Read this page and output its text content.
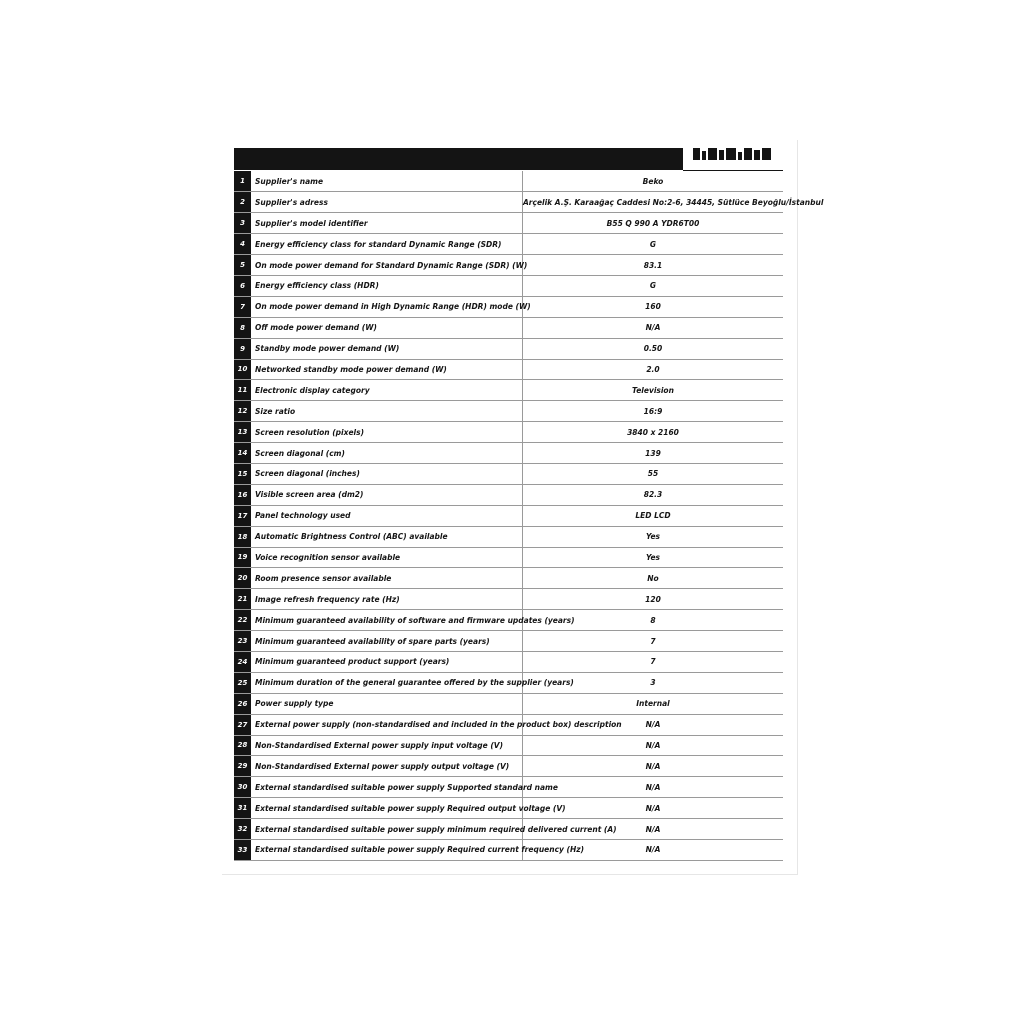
1	Supplier's name	Beko
2	Supplier's adress	Arçelik A.Ş. Karaağaç Caddesi No:2-6, 34445, Sütlüce Beyoğlu/İstanbul
3	Supplier's model identifier	B55 Q 990 A YDR6T00
4	Energy efficiency class for standard Dynamic Range (SDR)	G
5	On mode power demand for Standard Dynamic Range (SDR) (W)	83.1
6	Energy efficiency class (HDR)	G
7	On mode power demand in High Dynamic Range (HDR) mode (W)	160
8	Off mode power demand (W)	N/A
9	Standby mode power demand (W)	0.50
10	Networked standby mode power demand (W)	2.0
11	Electronic display category	Television
12	Size ratio	16:9
13	Screen resolution (pixels)	3840 x 2160
14	Screen diagonal (cm)	139
15	Screen diagonal (inches)	55
16	Visible screen area (dm2)	82.3
17	Panel technology used	LED LCD
18	Automatic Brightness Control (ABC) available	Yes
19	Voice recognition sensor available	Yes
20	Room presence sensor available	No
21	Image refresh frequency rate (Hz)	120
22	Minimum guaranteed availability of software and firmware updates (years)	8
23	Minimum guaranteed availability of spare parts (years)	7
24	Minimum guaranteed product support (years)	7
25	Minimum duration of the general guarantee offered by the supplier (years)	3
26	Power supply type	Internal
27	External power supply (non-standardised and included in the product box) description	N/A
28	Non-Standardised External power supply input voltage (V)	N/A
29	Non-Standardised External power supply output voltage (V)	N/A
30	External standardised suitable power supply Supported standard name	N/A
31	External standardised suitable power supply Required output voltage (V)	N/A
32	External standardised suitable power supply minimum required delivered current (A)	N/A
33	External standardised suitable power supply Required current frequency (Hz)	N/A
